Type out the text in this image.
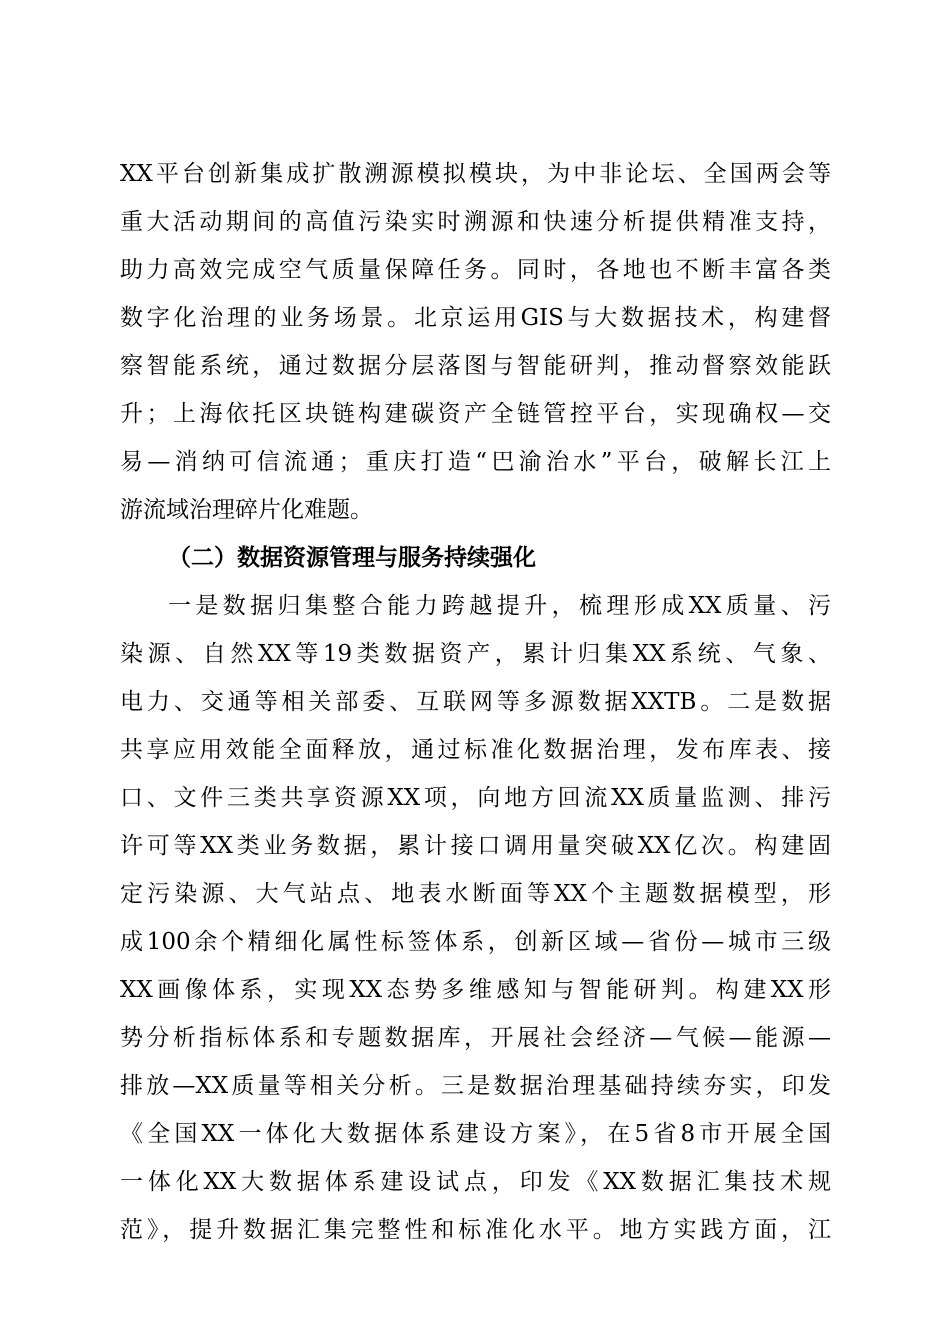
XX平台创新集成扩散溯源模拟模块，为中非论坛、全国两会等
重大活动期间的高值污染实时溯源和快速分析提供精准支持，
助力高效完成空气质量保障任务。同时，各地也不断丰富各类
数字化治理的业务场景。北京运用GIS与大数据技术，构建督
察智能系统，通过数据分层落图与智能研判，推动督察效能跃
升；上海依托区块链构建碳资产全链管控平台，实现确权—交
易—消纳可信流通；重庆打造“巴渝治水”平台，破解长江上
游流域治理碎片化难题。
（二）数据资源管理与服务持续强化
一是数据归集整合能力跨越提升，梳理形成XX质量、污
染源、自然XX等19类数据资产，累计归集XX系统、气象、
电力、交通等相关部委、互联网等多源数据XXTB。二是数据
共享应用效能全面释放，通过标准化数据治理，发布库表、接
口、文件三类共享资源XX项，向地方回流XX质量监测、排污
许可等XX类业务数据，累计接口调用量突破XX亿次。构建固
定污染源、大气站点、地表水断面等XX个主题数据模型，形
成100余个精细化属性标签体系，创新区域—省份—城市三级
XX画像体系，实现XX态势多维感知与智能研判。构建XX形
势分析指标体系和专题数据库，开展社会经济—气候—能源—
排放—XX质量等相关分析。三是数据治理基础持续夯实，印发
《全国XX一体化大数据体系建设方案》，在5省8市开展全国
一体化XX大数据体系建设试点，印发《XX数据汇集技术规
范》，提升数据汇集完整性和标准化水平。地方实践方面，江
